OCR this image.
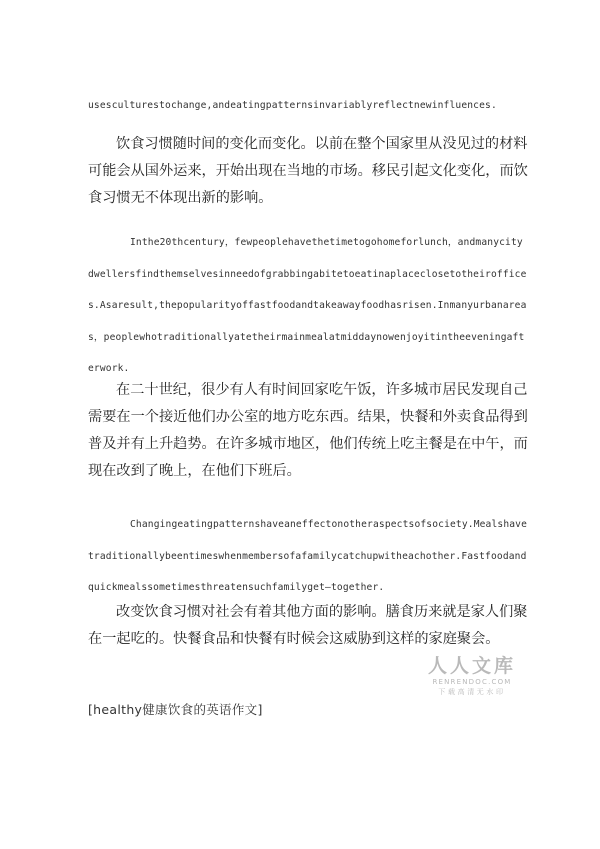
usesculturestochange,andeatingpatternsinvariablyreflectnewinfluences.
饮食习惯随时间的变化而变化。以前在整个国家里从没见过的材料可能会从国外运来，开始出现在当地的市场。移民引起文化变化，而饮食习惯无不体现出新的影响。
Inthe20thcentury，fewpeoplehavethetimetogohomeforlunch，andmanycitydwellersfindthemselvesinneedofgrabbingabitetoeatinaplaceclosetotheiroffices.Asaresult,thepopularityoffastfoodandtakeawayfoodhasrisen.Inmanyurbanareas，peoplewhotraditionallyatetheirmainmealatmiddaynowenjoyitintheeveningafterwork.
在二十世纪，很少有人有时间回家吃午饭，许多城市居民发现自己需要在一个接近他们办公室的地方吃东西。结果，快餐和外卖食品得到普及并有上升趋势。在许多城市地区，他们传统上吃主餐是在中午，而现在改到了晚上，在他们下班后。
Changingeatingpatternshaveaneffectonotheraspectsofsociety.Mealshavetraditionallybeentimeswhenmembersofafamilycatchupwitheachother.Fastfoodandquickmealssometimesthreatensuchfamilyget—together.
改变饮食习惯对社会有着其他方面的影响。膳食历来就是家人们聚在一起吃的。快餐食品和快餐有时候会这威胁到这样的家庭聚会。
[healthy健康饮食的英语作文]
人人文库
RENRENDOC.COM
下载高清无水印
